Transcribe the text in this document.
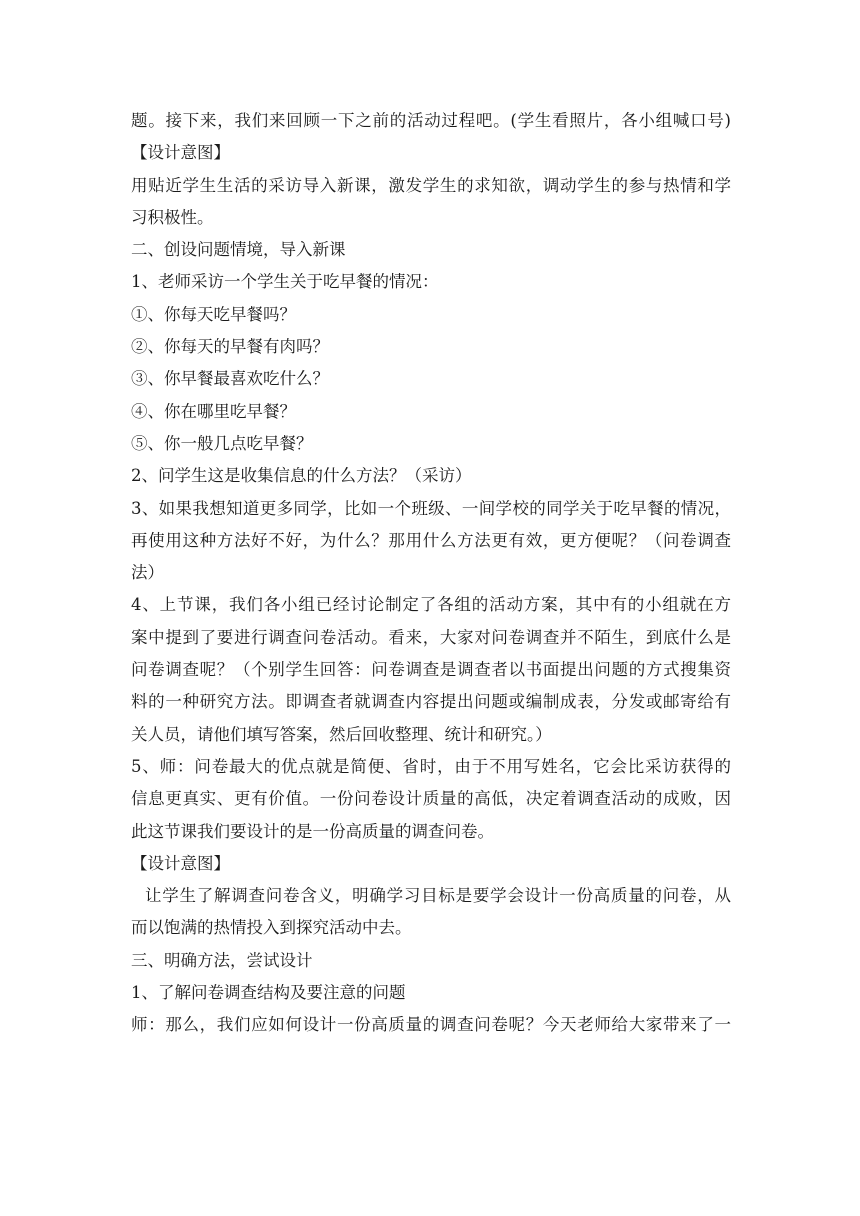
题。接下来，我们来回顾一下之前的活动过程吧。(学生看照片，各小组喊口号)
【设计意图】
用贴近学生生活的采访导入新课，激发学生的求知欲，调动学生的参与热情和学
习积极性。
二、创设问题情境，导入新课
1、老师采访一个学生关于吃早餐的情况：
①、你每天吃早餐吗？
②、你每天的早餐有肉吗？
③、你早餐最喜欢吃什么？
④、你在哪里吃早餐？
⑤、你一般几点吃早餐？
2、问学生这是收集信息的什么方法？（采访）
3、如果我想知道更多同学，比如一个班级、一间学校的同学关于吃早餐的情况，
再使用这种方法好不好，为什么？那用什么方法更有效，更方便呢？（问卷调查
法）
4、上节课，我们各小组已经讨论制定了各组的活动方案，其中有的小组就在方
案中提到了要进行调查问卷活动。看来，大家对问卷调查并不陌生，到底什么是
问卷调查呢？（个别学生回答：问卷调查是调查者以书面提出问题的方式搜集资
料的一种研究方法。即调查者就调查内容提出问题或编制成表，分发或邮寄给有
关人员，请他们填写答案，然后回收整理、统计和研究。）
5、师：问卷最大的优点就是简便、省时，由于不用写姓名，它会比采访获得的
信息更真实、更有价值。一份问卷设计质量的高低，决定着调查活动的成败，因
此这节课我们要设计的是一份高质量的调查问卷。
【设计意图】
让学生了解调查问卷含义，明确学习目标是要学会设计一份高质量的问卷，从
而以饱满的热情投入到探究活动中去。
三、明确方法，尝试设计
1、了解问卷调查结构及要注意的问题
师：那么，我们应如何设计一份高质量的调查问卷呢？今天老师给大家带来了一
